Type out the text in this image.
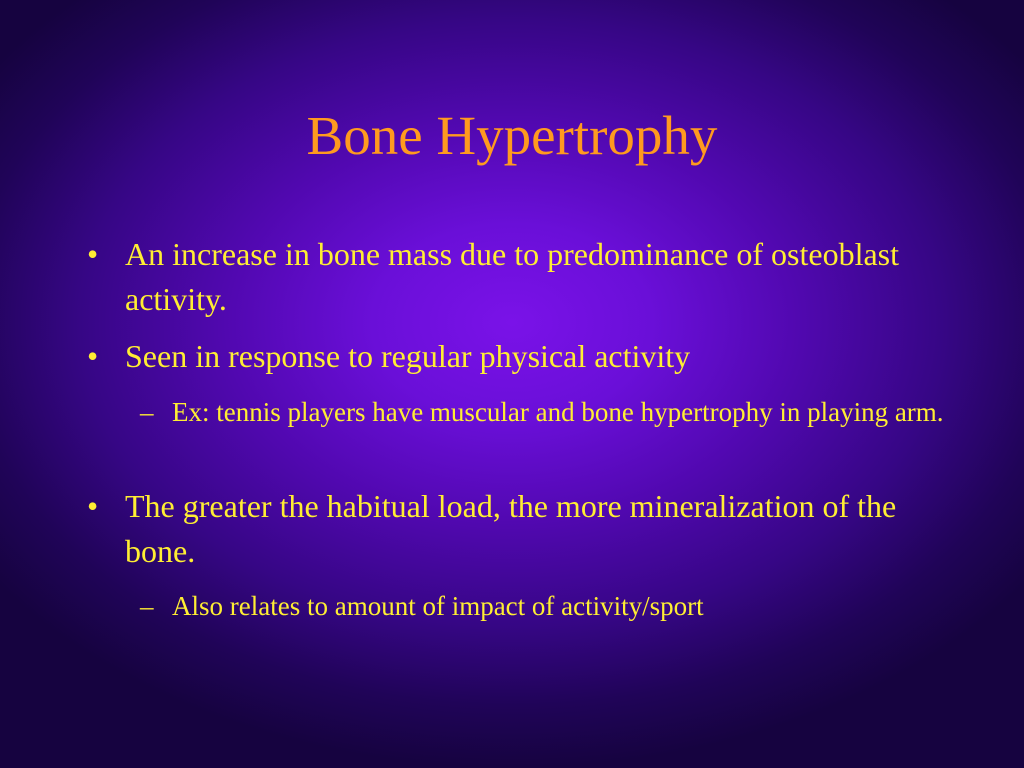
Bone Hypertrophy
• An increase in bone mass due to predominance of osteoblast activity.
• Seen in response to regular physical activity
– Ex: tennis players have muscular and bone hypertrophy in playing arm.
• The greater the habitual load, the more mineralization of the bone.
– Also relates to amount of impact of activity/sport
